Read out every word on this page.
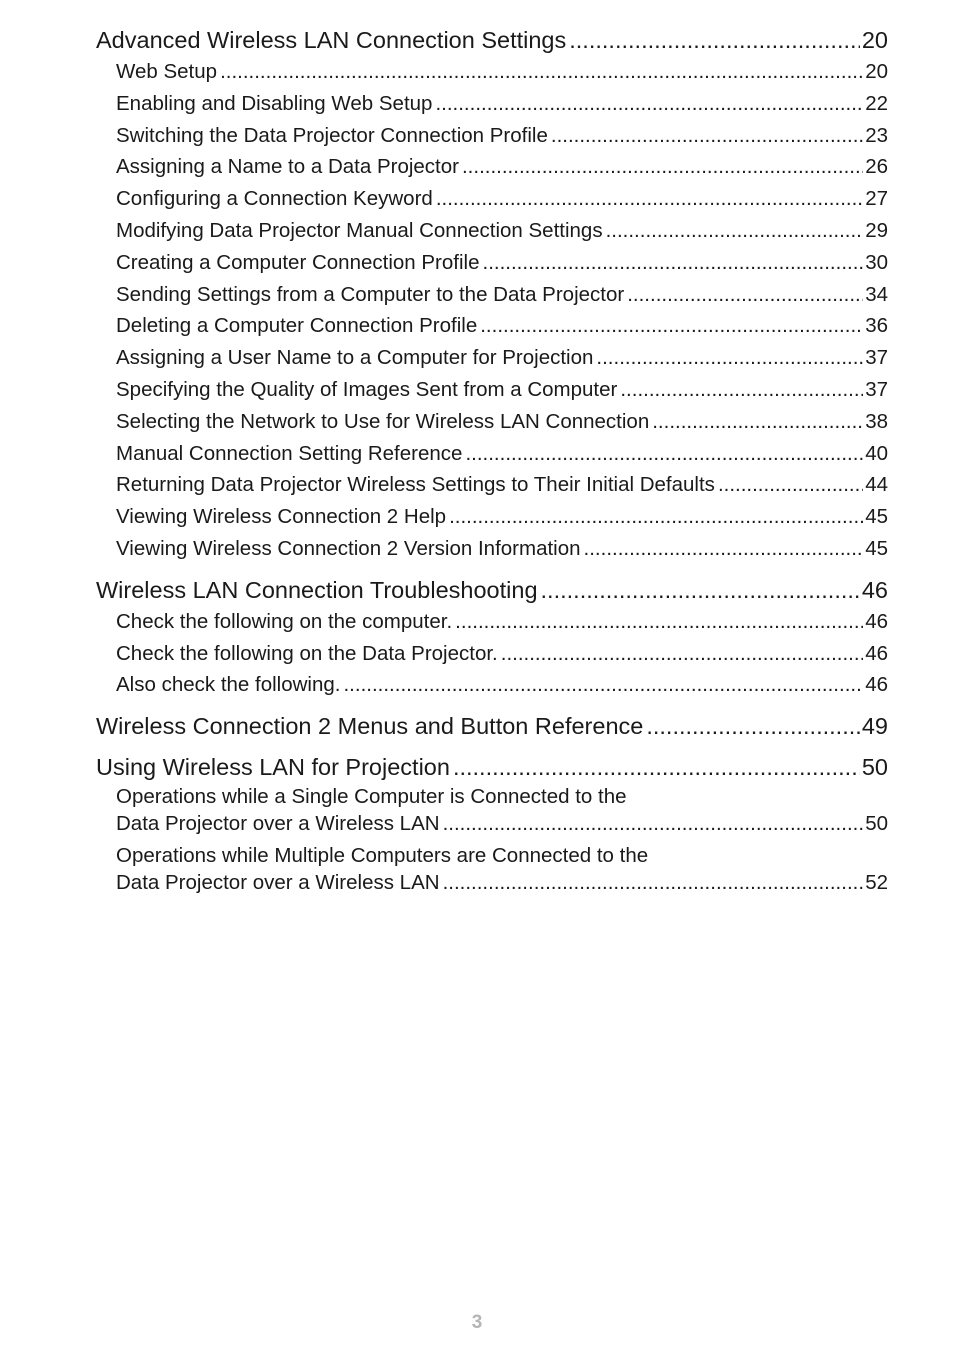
Advanced Wireless LAN Connection Settings .....	20
Web Setup .....	20
Enabling and Disabling Web Setup .....	22
Switching the Data Projector Connection Profile .....	23
Assigning a Name to a Data Projector .....	26
Configuring a Connection Keyword .....	27
Modifying Data Projector Manual Connection Settings .....	29
Creating a Computer Connection Profile .....	30
Sending Settings from a Computer to the Data Projector .....	34
Deleting a Computer Connection Profile .....	36
Assigning a User Name to a Computer for Projection .....	37
Specifying the Quality of Images Sent from a Computer .....	37
Selecting the Network to Use for Wireless LAN Connection .....	38
Manual Connection Setting Reference .....	40
Returning Data Projector Wireless Settings to Their Initial Defaults .....	44
Viewing Wireless Connection 2 Help .....	45
Viewing Wireless Connection 2 Version Information .....	45
Wireless LAN Connection Troubleshooting .....	46
Check the following on the computer. .....	46
Check the following on the Data Projector. .....	46
Also check the following. .....	46
Wireless Connection 2 Menus and Button Reference .....	49
Using Wireless LAN for Projection .....	50
Operations while a Single Computer is Connected to the
Data Projector over a Wireless LAN .....	50
Operations while Multiple Computers are Connected to the
Data Projector over a Wireless LAN .....	52
3
